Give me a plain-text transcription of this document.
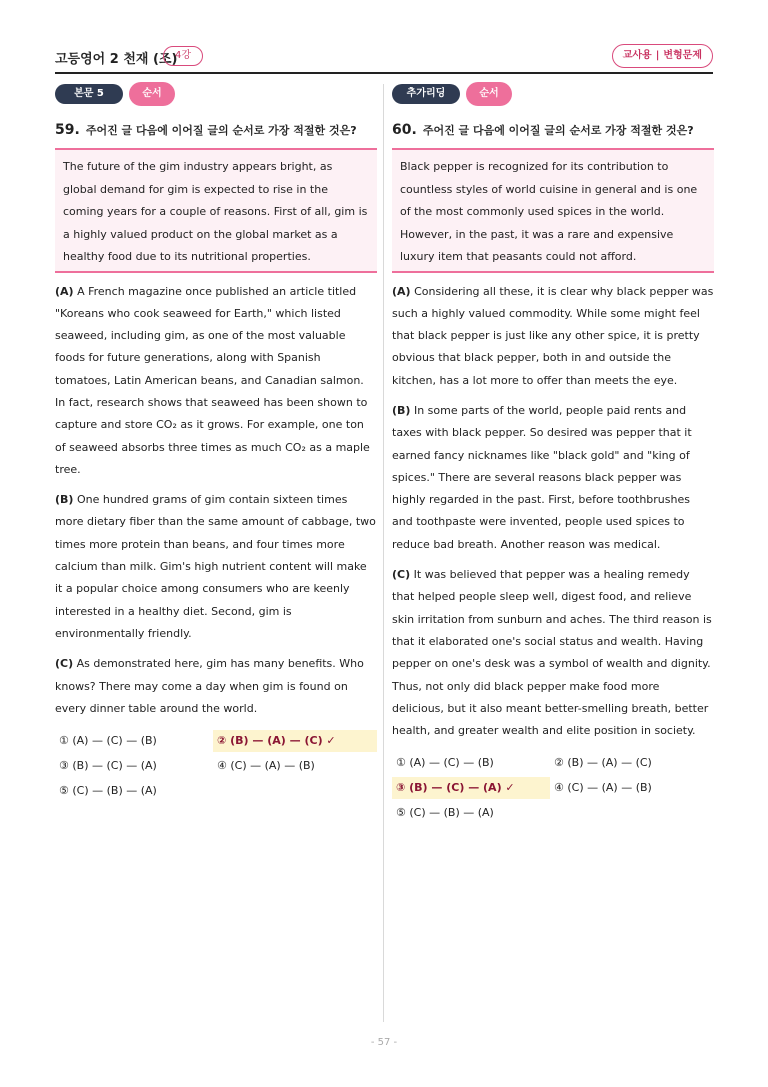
고등영어 2 천재 (조)
4강	교사용 | 변형문제
본문 5	순서
59. 주어진 글 다음에 이어질 글의 순서로 가장 적절한 것은?
The future of the gim industry appears bright, as global demand for gim is expected to rise in the coming years for a couple of reasons. First of all, gim is a highly valued product on the global market as a healthy food due to its nutritional properties.
(A) A French magazine once published an article titled "Koreans who cook seaweed for Earth," which listed seaweed, including gim, as one of the most valuable foods for future generations, along with Spanish tomatoes, Latin American beans, and Canadian salmon. In fact, research shows that seaweed has been shown to capture and store CO₂ as it grows. For example, one ton of seaweed absorbs three times as much CO₂ as a maple tree.
(B) One hundred grams of gim contain sixteen times more dietary fiber than the same amount of cabbage, two times more protein than beans, and four times more calcium than milk. Gim's high nutrient content will make it a popular choice among consumers who are keenly interested in a healthy diet. Second, gim is environmentally friendly.
(C) As demonstrated here, gim has many benefits. Who knows? There may come a day when gim is found on every dinner table around the world.
① (A) — (C) — (B)	② (B) — (A) — (C) ✓
③ (B) — (C) — (A)	④ (C) — (A) — (B)
⑤ (C) — (B) — (A)
추가리딩	순서
60. 주어진 글 다음에 이어질 글의 순서로 가장 적절한 것은?
Black pepper is recognized for its contribution to countless styles of world cuisine in general and is one of the most commonly used spices in the world. However, in the past, it was a rare and expensive luxury item that peasants could not afford.
(A) Considering all these, it is clear why black pepper was such a highly valued commodity. While some might feel that black pepper is just like any other spice, it is pretty obvious that black pepper, both in and outside the kitchen, has a lot more to offer than meets the eye.
(B) In some parts of the world, people paid rents and taxes with black pepper. So desired was pepper that it earned fancy nicknames like "black gold" and "king of spices." There are several reasons black pepper was highly regarded in the past. First, before toothbrushes and toothpaste were invented, people used spices to reduce bad breath. Another reason was medical.
(C) It was believed that pepper was a healing remedy that helped people sleep well, digest food, and relieve skin irritation from sunburn and aches. The third reason is that it elaborated one's social status and wealth. Having pepper on one's desk was a symbol of wealth and dignity. Thus, not only did black pepper make food more delicious, but it also meant better-smelling breath, better health, and greater wealth and elite position in society.
① (A) — (C) — (B)	② (B) — (A) — (C)
③ (B) — (C) — (A) ✓	④ (C) — (A) — (B)
⑤ (C) — (B) — (A)
- 57 -
